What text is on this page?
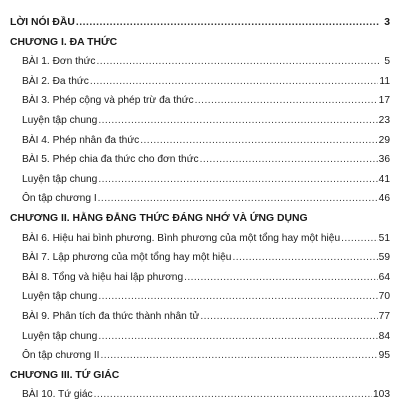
LỜI NÓI ĐẦU . . .	3
CHƯƠNG I. ĐA THỨC
BÀI 1. Đơn thức . . .	5
BÀI 2. Đa thức . . .	11
BÀI 3. Phép cộng và phép trừ đa thức . . .	17
Luyện tập chung . . .	23
BÀI 4. Phép nhân đa thức . . .	29
BÀI 5. Phép chia đa thức cho đơn thức . . .	36
Luyện tập chung . . .	41
Ôn tập chương I . . .	46
CHƯƠNG II. HẰNG ĐẲNG THỨC ĐÁNG NHỚ VÀ ỨNG DỤNG
BÀI 6. Hiệu hai bình phương. Bình phương của một tổng hay một hiệu . . .	51
BÀI 7. Lập phương của một tổng hay một hiệu . . .	59
BÀI 8. Tổng và hiệu hai lập phương . . .	64
Luyện tập chung . . .	70
BÀI 9. Phân tích đa thức thành nhân tử . . .	77
Luyện tập chung . . .	84
Ôn tập chương II . . .	95
CHƯƠNG III. TỨ GIÁC
BÀI 10. Tứ giác . . .	103
